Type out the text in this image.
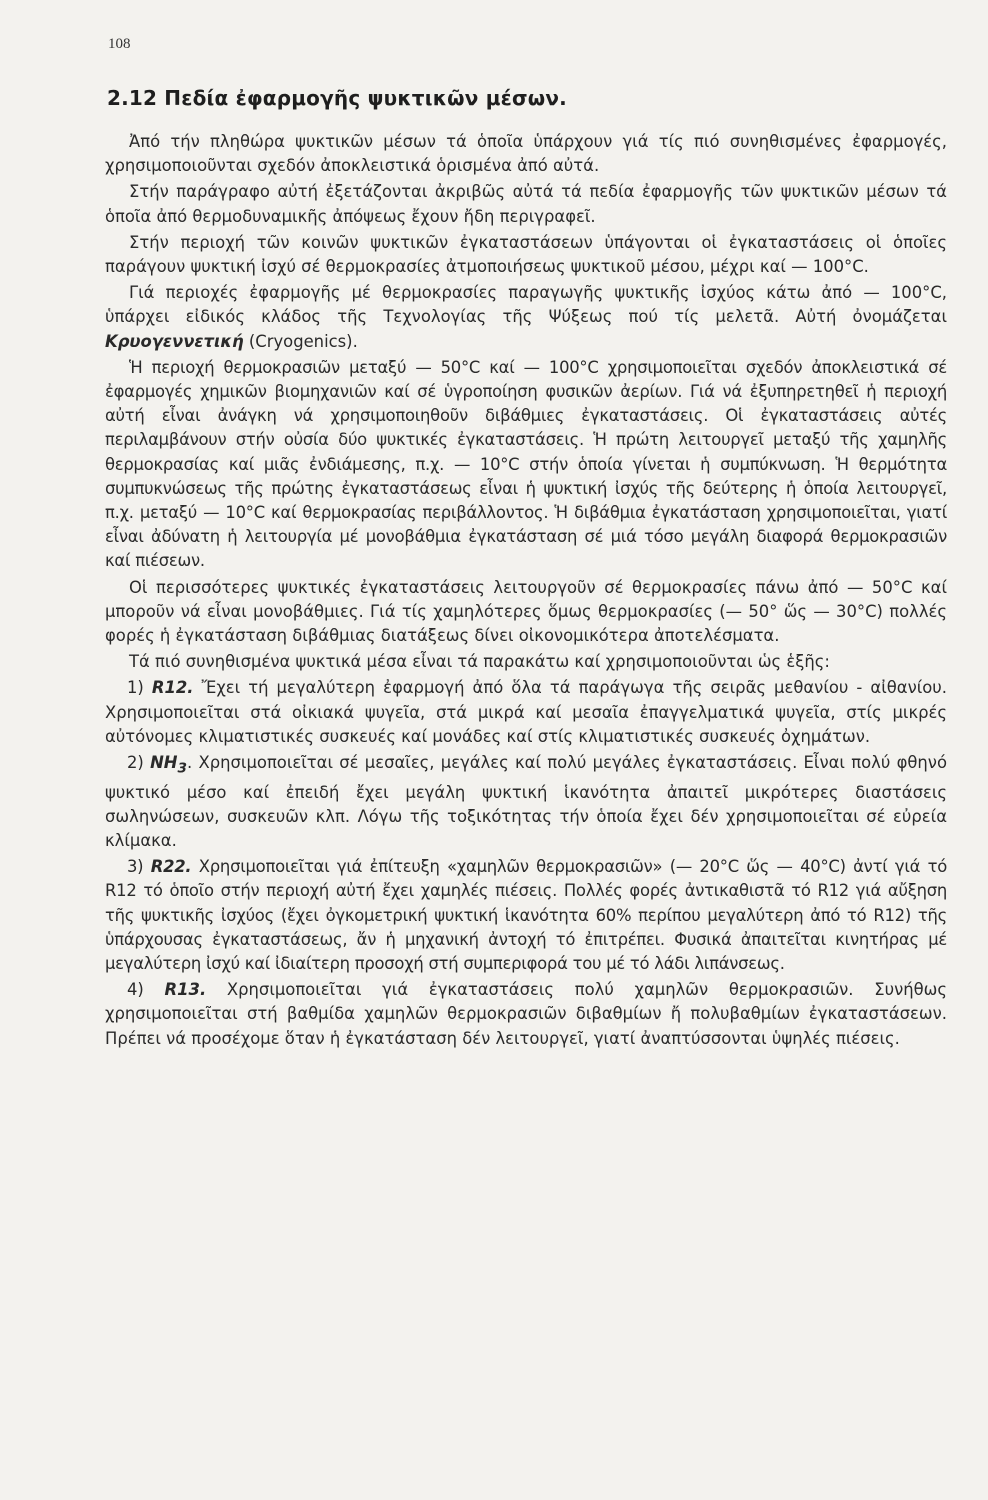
108
2.12 Πεδία ἐφαρμογῆς ψυκτικῶν μέσων.

Ἀπό τήν πληθώρα ψυκτικῶν μέσων τά ὁποῖα ὑπάρχουν γιά τίς πιό συνηθισμένες ἐφαρμογές, χρησιμοποιοῦνται σχεδόν ἀποκλειστικά ὁρισμένα ἀπό αὐτά.

Στήν παράγραφο αὐτή ἐξετάζονται ἀκριβῶς αὐτά τά πεδία ἐφαρμογῆς τῶν ψυκτικῶν μέσων τά ὁποῖα ἀπό θερμοδυναμικῆς ἀπόψεως ἔχουν ἤδη περιγραφεῖ.

Στήν περιοχή τῶν κοινῶν ψυκτικῶν ἐγκαταστάσεων ὑπάγονται οἱ ἐγκαταστάσεις οἱ ὁποῖες παράγουν ψυκτική ἰσχύ σέ θερμοκρασίες ἀτμοποιήσεως ψυκτικοῦ μέσου, μέχρι καί — 100°C.

Γιά περιοχές ἐφαρμογῆς μέ θερμοκρασίες παραγωγῆς ψυκτικῆς ἰσχύος κάτω ἀπό — 100°C, ὑπάρχει εἰδικός κλάδος τῆς Τεχνολογίας τῆς Ψύξεως πού τίς μελετᾶ. Αὐτή ὀνομάζεται Κρυογεννετική (Cryogenics).

Ἡ περιοχή θερμοκρασιῶν μεταξύ — 50°C καί — 100°C χρησιμοποιεῖται σχεδόν ἀποκλειστικά σέ ἐφαρμογές χημικῶν βιομηχανιῶν καί σέ ὑγροποίηση φυσικῶν ἀερίων. Γιά νά ἐξυπηρετηθεῖ ἡ περιοχή αὐτή εἶναι ἀνάγκη νά χρησιμοποιηθοῦν διβάθμιες ἐγκαταστάσεις. Οἱ ἐγκαταστάσεις αὐτές περιλαμβάνουν στήν οὐσία δύο ψυκτικές ἐγκαταστάσεις. Ἡ πρώτη λειτουργεῖ μεταξύ τῆς χαμηλῆς θερμοκρασίας καί μιᾶς ἐνδιάμεσης, π.χ. — 10°C στήν ὁποία γίνεται ἡ συμπύκνωση. Ἡ θερμότητα συμπυκνώσεως τῆς πρώτης ἐγκαταστάσεως εἶναι ἡ ψυκτική ἰσχύς τῆς δεύτερης ἡ ὁποία λειτουργεῖ, π.χ. μεταξύ — 10°C καί θερμοκρασίας περιβάλλοντος. Ἡ διβάθμια ἐγκατάσταση χρησιμοποιεῖται, γιατί εἶναι ἀδύνατη ἡ λειτουργία μέ μονοβάθμια ἐγκατάσταση σέ μιά τόσο μεγάλη διαφορά θερμοκρασιῶν καί πιέσεων.

Οἱ περισσότερες ψυκτικές ἐγκαταστάσεις λειτουργοῦν σέ θερμοκρασίες πάνω ἀπό — 50°C καί μποροῦν νά εἶναι μονοβάθμιες. Γιά τίς χαμηλότερες ὅμως θερμοκρασίες (— 50° ὥς — 30°C) πολλές φορές ἡ ἐγκατάσταση διβάθμιας διατάξεως δίνει οἰκονομικότερα ἀποτελέσματα.

Τά πιό συνηθισμένα ψυκτικά μέσα εἶναι τά παρακάτω καί χρησιμοποιοῦνται ὡς ἑξῆς:

1) R12. Ἔχει τή μεγαλύτερη ἐφαρμογή ἀπό ὅλα τά παράγωγα τῆς σειρᾶς μεθανίου - αἰθανίου. Χρησιμοποιεῖται στά οἰκιακά ψυγεῖα, στά μικρά καί μεσαῖα ἐπαγγελματικά ψυγεῖα, στίς μικρές αὐτόνομες κλιματιστικές συσκευές καί μονάδες καί στίς κλιματιστικές συσκευές ὀχημάτων.

2) $NH_3$. Χρησιμοποιεῖται σέ μεσαῖες, μεγάλες καί πολύ μεγάλες ἐγκαταστάσεις. Εἶναι πολύ φθηνό ψυκτικό μέσο καί ἐπειδή ἔχει μεγάλη ψυκτική ἱκανότητα ἀπαιτεῖ μικρότερες διαστάσεις σωληνώσεων, συσκευῶν κλπ. Λόγω τῆς τοξικότητας τήν ὁποία ἔχει δέν χρησιμοποιεῖται σέ εὐρεία κλίμακα.

3) R22. Χρησιμοποιεῖται γιά ἐπίτευξη «χαμηλῶν θερμοκρασιῶν» (— 20°C ὥς — 40°C) ἀντί γιά τό R12 τό ὁποῖο στήν περιοχή αὐτή ἔχει χαμηλές πιέσεις. Πολλές φορές ἀντικαθιστᾶ τό R12 γιά αὔξηση τῆς ψυκτικῆς ἰσχύος (ἔχει ὀγκομετρική ψυκτική ἱκανότητα 60% περίπου μεγαλύτερη ἀπό τό R12) τῆς ὑπάρχουσας ἐγκαταστάσεως, ἄν ἡ μηχανική ἀντοχή τό ἐπιτρέπει. Φυσικά ἀπαιτεῖται κινητήρας μέ μεγαλύτερη ἰσχύ καί ἰδιαίτερη προσοχή στή συμπεριφορά του μέ τό λάδι λιπάνσεως.

4) R13. Χρησιμοποιεῖται γιά ἐγκαταστάσεις πολύ χαμηλῶν θερμοκρασιῶν. Συνήθως χρησιμοποιεῖται στή βαθμίδα χαμηλῶν θερμοκρασιῶν διβαθμίων ἤ πολυβαθμίων ἐγκαταστάσεων. Πρέπει νά προσέχομε ὅταν ἡ ἐγκατάσταση δέν λειτουργεῖ, γιατί ἀναπτύσσονται ὑψηλές πιέσεις.
